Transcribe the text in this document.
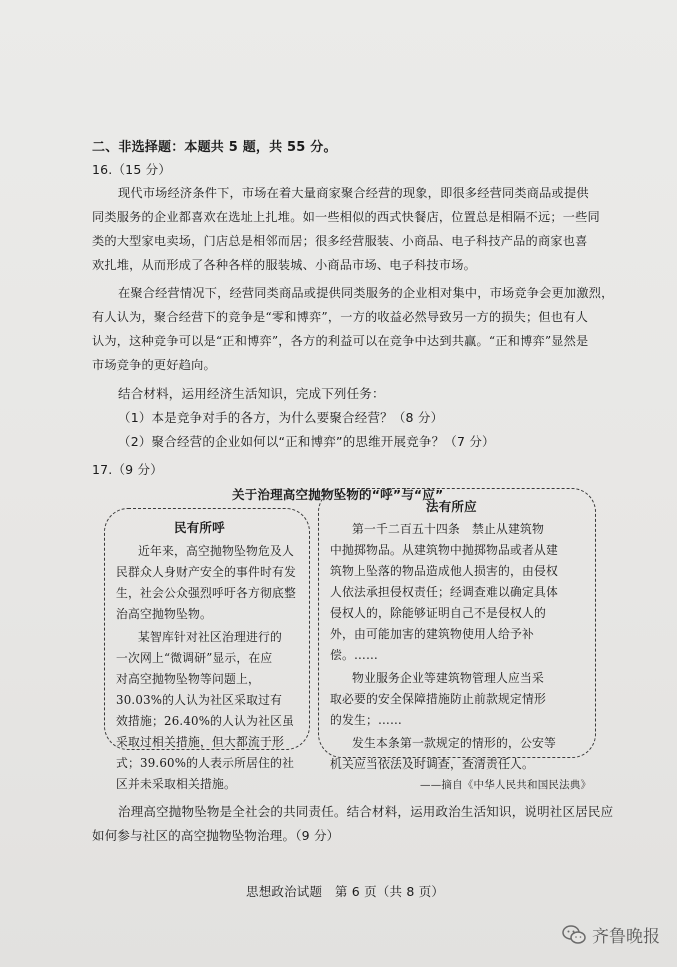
二、非选择题：本题共 5 题，共 55 分。
16.（15 分）
现代市场经济条件下，市场在着大量商家聚合经营的现象，即很多经营同类商品或提供
同类服务的企业都喜欢在选址上扎堆。如一些相似的西式快餐店，位置总是相隔不远；一些同
类的大型家电卖场，门店总是相邻而居；很多经营服装、小商品、电子科技产品的商家也喜
欢扎堆，从而形成了各种各样的服装城、小商品市场、电子科技市场。
在聚合经营情况下，经营同类商品或提供同类服务的企业相对集中，市场竞争会更加激烈，
有人认为，聚合经营下的竞争是“零和博弈”，一方的收益必然导致另一方的损失；但也有人
认为，这种竞争可以是“正和博弈”，各方的利益可以在竞争中达到共赢。“正和博弈”显然是
市场竞争的更好趋向。
结合材料，运用经济生活知识，完成下列任务：
（1）本是竞争对手的各方，为什么要聚合经营？（8 分）
（2）聚合经营的企业如何以“正和博弈”的思维开展竞争？（7 分）
17.（9 分）
关于治理高空抛物坠物的“呼”与“应”
民有所呼
近年来，高空抛物坠物危及人
民群众人身财产安全的事件时有发
生，社会公众强烈呼吁各方彻底整
治高空抛物坠物。
某智库针对社区治理进行的
一次网上“微调研”显示，在应
对高空抛物坠物等问题上，
30.03%的人认为社区采取过有
效措施；26.40%的人认为社区虽
采取过相关措施，但大都流于形
式；39.60%的人表示所居住的社
区并未采取相关措施。
法有所应
第一千二百五十四条　禁止从建筑物
中抛掷物品。从建筑物中抛掷物品或者从建
筑物上坠落的物品造成他人损害的，由侵权
人依法承担侵权责任；经调查难以确定具体
侵权人的，除能够证明自己不是侵权人的
外，由可能加害的建筑物使用人给予补
偿。……
物业服务企业等建筑物管理人应当采
取必要的安全保障措施防止前款规定情形
的发生；……
发生本条第一款规定的情形的，公安等
机关应当依法及时调查，查清责任人。
——摘自《中华人民共和国民法典》
治理高空抛物坠物是全社会的共同责任。结合材料，运用政治生活知识，说明社区居民应
如何参与社区的高空抛物坠物治理。（9 分）
思想政治试题　第 6 页（共 8 页）
齐鲁晚报
